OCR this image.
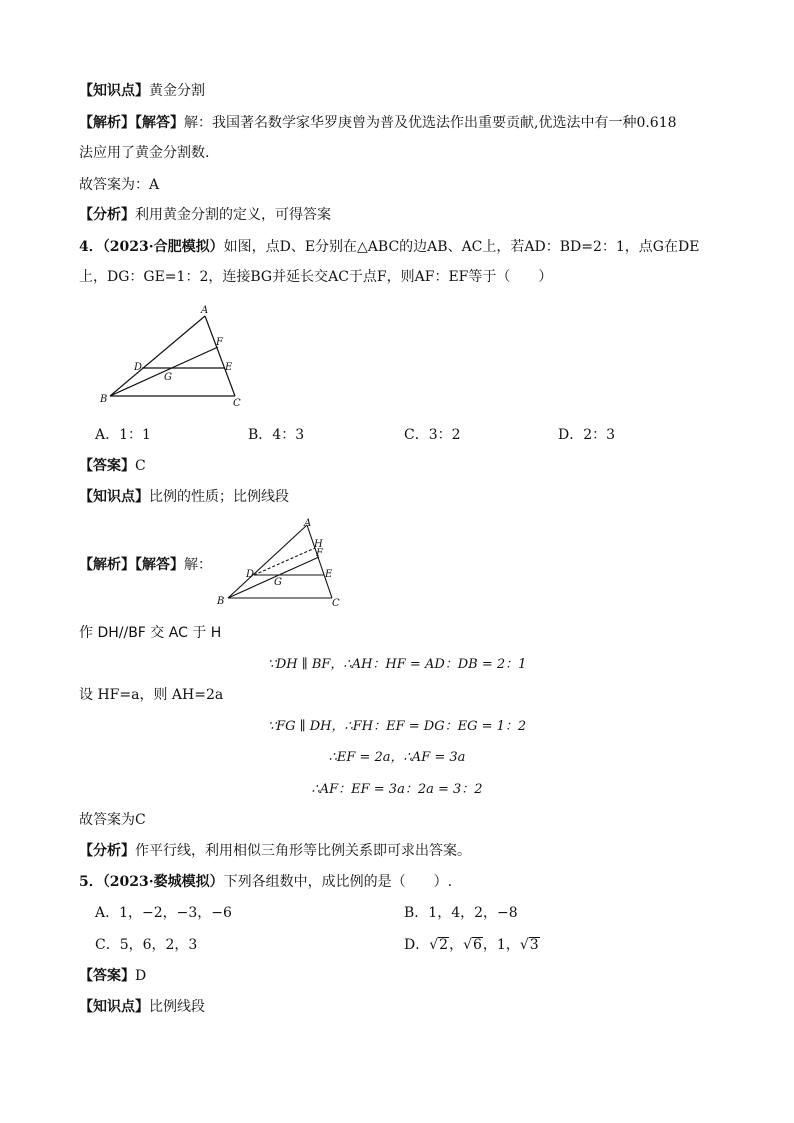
【知识点】黄金分割
【解析】【解答】解：我国著名数学家华罗庚曾为普及优选法作出重要贡献,优选法中有一种0.618
法应用了黄金分割数.
故答案为：A
【分析】利用黄金分割的定义，可得答案
4．（2023·合肥模拟）如图，点D、E分别在△ABC的边AB、AC上，若AD：BD=2：1，点G在DE
上，DG：GE=1：2，连接BG并延长交AC于点F，则AF：EF等于（　　）
A
B	C
D	E
F
G
A．1：1	B．4：3	C．3：2	D．2：3
【答案】C
【知识点】比例的性质；比例线段
【解析】【解答】解：
A
B	C
D	E
F
H
G
作 DH//BF 交 AC 于 H
∵DH ∥ BF，∴AH：HF = AD：DB = 2：1
设 HF=a，则 AH=2a
∵FG ∥ DH，∴FH：EF = DG：EG = 1：2
∴EF = 2a，∴AF = 3a
∴AF：EF = 3a：2a = 3：2
故答案为C
【分析】作平行线，利用相似三角形等比例关系即可求出答案。
5．（2023·婺城模拟）下列各组数中，成比例的是（　　）.
A．1，−2，−3，−6	B．1，4，2，−8
C．5，6，2，3	D．√2，√6，1，√3
【答案】D
【知识点】比例线段
